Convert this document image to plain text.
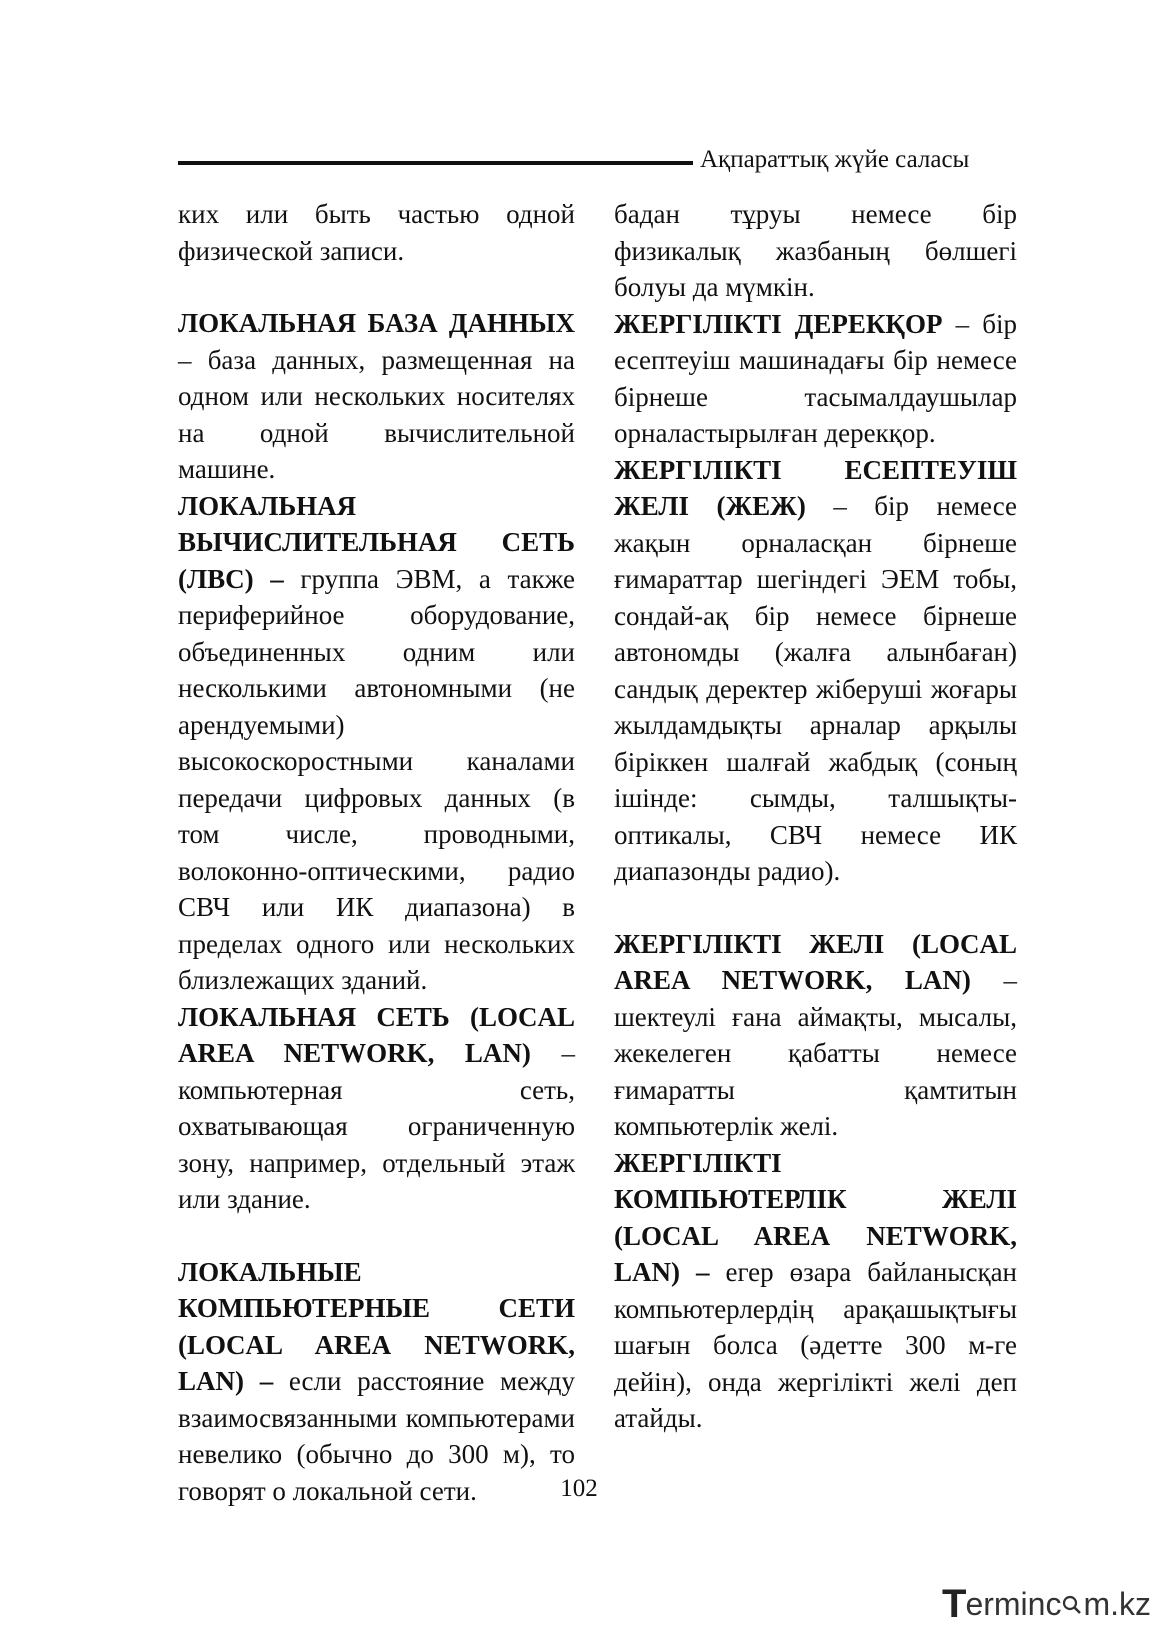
Ақпараттық жүйе саласы

ких или быть частью одной физической записи.

ЛОКАЛЬНАЯ БАЗА ДАННЫХ – база данных, размещенная на одном или нескольких носителях на одной вычислительной машине.

ЛОКАЛЬНАЯ ВЫЧИСЛИТЕЛЬНАЯ СЕТЬ (ЛВС) – группа ЭВМ, а также периферийное оборудование, объединенных одним или несколькими автономными (не арендуемыми) высокоскоростными каналами передачи цифровых данных (в том числе, проводными, волоконно-оптическими, радио СВЧ или ИК диапазона) в пределах одного или нескольких близлежащих зданий.

ЛОКАЛЬНАЯ СЕТЬ (LOCAL AREA NETWORK, LAN) – компьютерная сеть, охватывающая ограниченную зону, например, отдельный этаж или здание.

ЛОКАЛЬНЫЕ КОМПЬЮТЕРНЫЕ СЕТИ (LOCAL AREA NETWORK, LAN) – если расстояние между взаимосвязанными компьютерами невелико (обычно до 300 м), то говорят о локальной сети.

бадан тұруы немесе бір физикалық жазбаның бөлшегі болуы да мүмкін.

ЖЕРГІЛІКТІ ДЕРЕКҚОР – бір есептеуіш машинадағы бір немесе бірнеше тасымалдаушылар орналастырылған дерекқор.

ЖЕРГІЛІКТІ ЕСЕПТЕУІШ ЖЕЛІ (ЖЕЖ) – бір немесе жақын орналасқан бірнеше ғимараттар шегіндегі ЭЕМ тобы, сондай-ақ бір немесе бірнеше автономды (жалға алынбаған) сандық деректер жіберуші жоғары жылдамдықты арналар арқылы біріккен шалғай жабдық (соның ішінде: сымды, талшықты-оптикалы, СВЧ немесе ИК диапазонды радио).

ЖЕРГІЛІКТІ ЖЕЛІ (LOCAL AREA NETWORK, LAN) – шектеулі ғана аймақты, мысалы, жекелеген қабатты немесе ғимаратты қамтитын компьютерлік желі.

ЖЕРГІЛІКТІ КОМПЬЮТЕРЛІК ЖЕЛІ (LOCAL AREA NETWORK, LAN) – егер өзара байланысқан компьютерлердің арақашықтығы шағын болса (әдетте 300 м-ге дейін), онда жергілікті желі деп атайды.

102
T erminc m.kz
